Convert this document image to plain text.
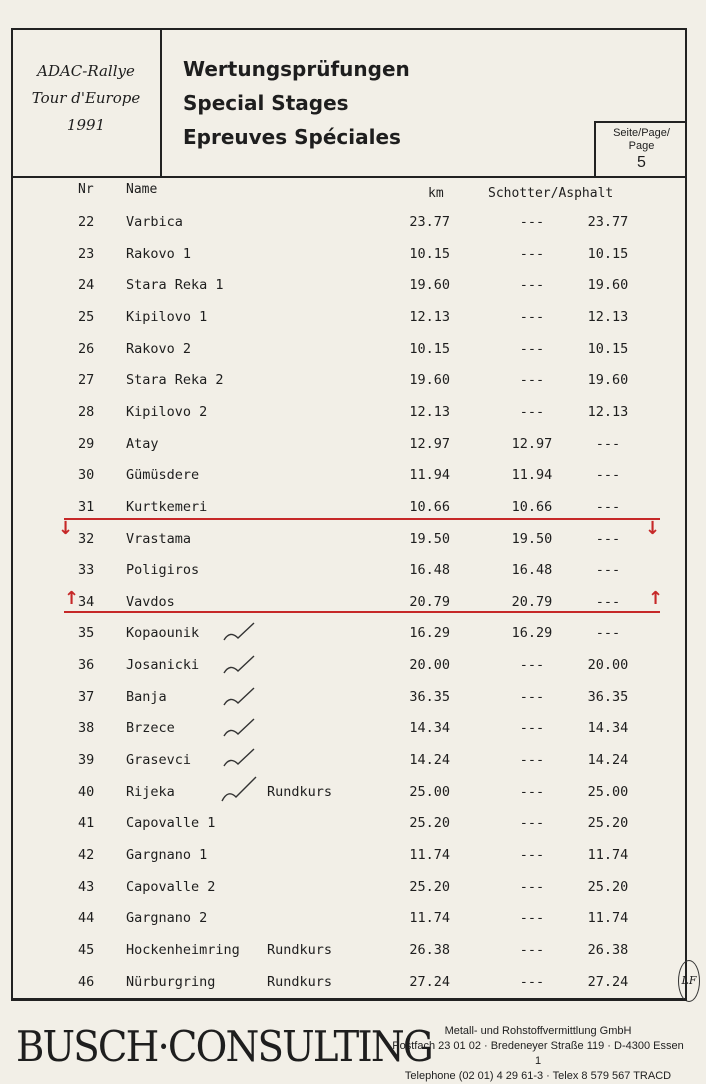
ADAC-Rallye
Tour d'Europe
1991
Wertungsprüfungen
Special Stages
Epreuves Spéciales	Seite/Page/
Page
5
Nr Name	km	Schotter/Asphalt
22	Varbica	23.77	---	23.77
23	Rakovo 1	10.15	---	10.15
24	Stara Reka 1	19.60	---	19.60
25	Kipilovo 1	12.13	---	12.13
26	Rakovo 2	10.15	---	10.15
27	Stara Reka 2	19.60	---	19.60
28	Kipilovo 2	12.13	---	12.13
29	Atay	12.97	12.97	---
30	Gümüsdere	11.94	11.94	---
31	Kurtkemeri	10.66	10.66	---
32	Vrastama	19.50	19.50	---
33	Poligiros	16.48	16.48	---
34	Vavdos	20.79	20.79	---
35	Kopaounik	16.29	16.29	---
36	Josanicki	20.00	---	20.00
37	Banja	36.35	---	36.35
38	Brzece	14.34	---	14.34
39	Grasevci	14.24	---	14.24
40	Rijeka	Rundkurs	25.00	---	25.00
41	Capovalle 1	25.20	---	25.20
42	Gargnano 1	11.74	---	11.74
43	Capovalle 2	25.20	---	25.20
44	Gargnano 2	11.74	---	11.74
45	Hockenheimring Rundkurs	26.38	---	26.38
46	Nürburgring	Rundkurs	27.24	---	27.24
↓	↓
↑	↑
LF
BUSCH·CONSULTING	Metall- und Rohstoffvermittlung GmbH
Postfach 23 01 02 · Bredeneyer Straße 119 · D-4300 Essen 1
Telephone (02 01) 4 29 61-3 · Telex 8 579 567 TRACD
